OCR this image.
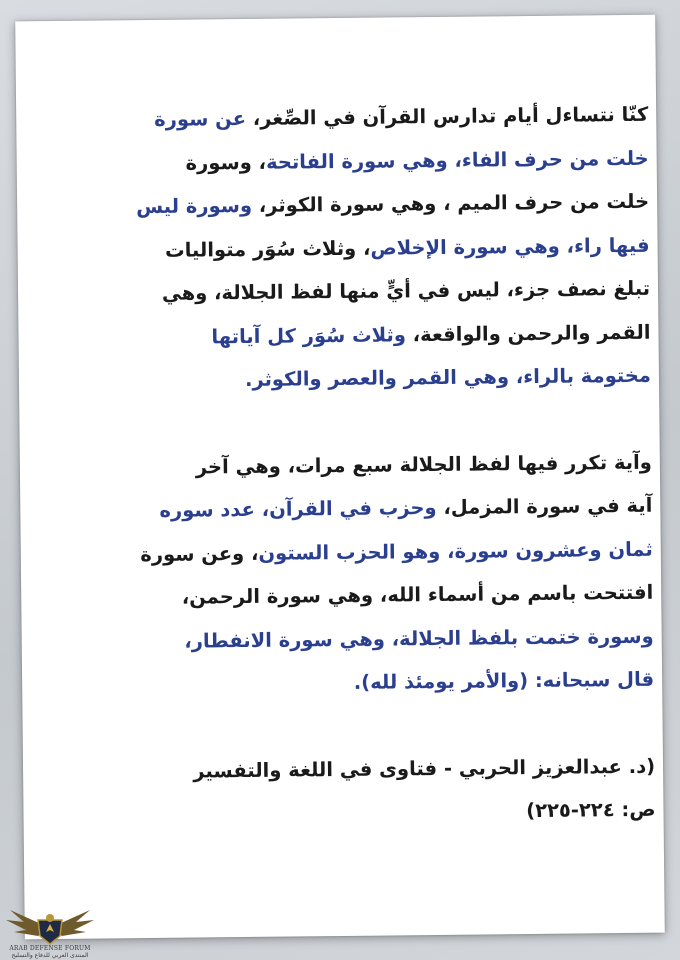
كنّا نتساءل أيام تدارس القرآن في الصِّغر، عن سورة
خلت من حرف الفاء، وهي سورة الفاتحة، وسورة
خلت من حرف الميم ، وهي سورة الكوثر، وسورة ليس
فيها راء، وهي سورة الإخلاص، وثلاث سُوَر متواليات
تبلغ نصف جزء، ليس في أيٍّ منها لفظ الجلالة، وهي
القمر والرحمن والواقعة، وثلاث سُوَر كل آياتها
مختومة بالراء، وهي القمر والعصر والكوثر.
وآية تكرر فيها لفظ الجلالة سبع مرات، وهي آخر
آية في سورة المزمل، وحزب في القرآن، عدد سوره
ثمان وعشرون سورة، وهو الحزب الستون، وعن سورة
افتتحت باسم من أسماء الله، وهي سورة الرحمن،
وسورة ختمت بلفظ الجلالة، وهي سورة الانفطار،
قال سبحانه: (والأمر يومئذ لله).
(د. عبدالعزيز الحربي - فتاوى في اللغة والتفسير
ص: ٢٢٤-٢٢٥)
ARAB DEFENSE FORUM
المنتدى العربي للدفاع والتسليح
